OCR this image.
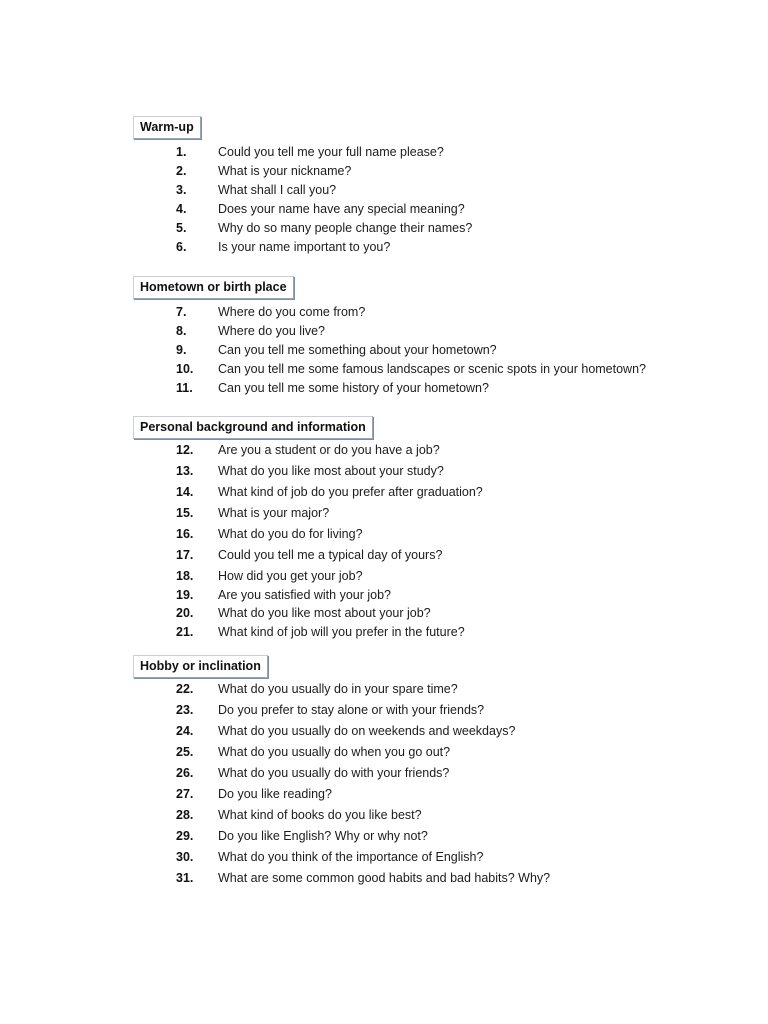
Warm-up
1.	Could you tell me your full name please?
2.	What is your nickname?
3.	What shall I call you?
4.	Does your name have any special meaning?
5.	Why do so many people change their names?
6.	Is your name important to you?
Hometown or birth place
7.	Where do you come from?
8.	Where do you live?
9.	Can you tell me something about your hometown?
10. Can you tell me some famous landscapes or scenic spots in your hometown?
11. Can you tell me some history of your hometown?
Personal background and information
12. Are you a student or do you have a job?
13. What do you like most about your study?
14. What kind of job do you prefer after graduation?
15. What is your major?
16. What do you do for living?
17. Could you tell me a typical day of yours?
18. How did you get your job?
19. Are you satisfied with your job?
20. What do you like most about your job?
21. What kind of job will you prefer in the future?
Hobby or inclination
22. What do you usually do in your spare time?
23. Do you prefer to stay alone or with your friends?
24. What do you usually do on weekends and weekdays?
25. What do you usually do when you go out?
26. What do you usually do with your friends?
27. Do you like reading?
28. What kind of books do you like best?
29. Do you like English? Why or why not?
30. What do you think of the importance of English?
31. What are some common good habits and bad habits? Why?
